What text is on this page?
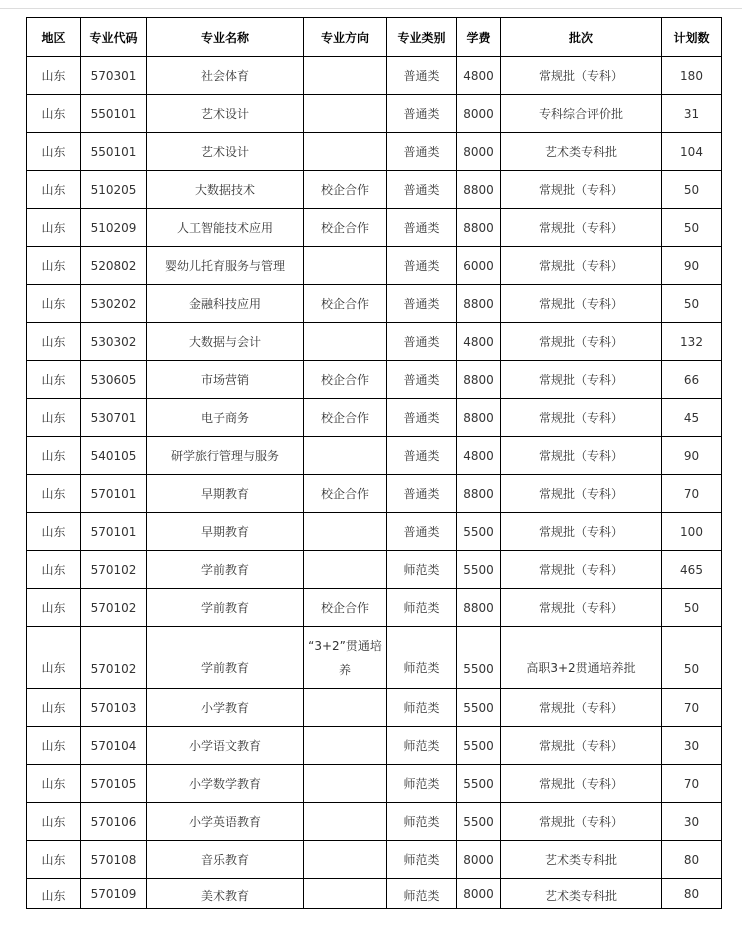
地区	专业代码	专业名称	专业方向	专业类别	学费	批次	计划数
山东	570301	社会体育		普通类	4800	常规批（专科）	180
山东	550101	艺术设计		普通类	8000	专科综合评价批	31
山东	550101	艺术设计		普通类	8000	艺术类专科批	104
山东	510205	大数据技术	校企合作	普通类	8800	常规批（专科）	50
山东	510209	人工智能技术应用	校企合作	普通类	8800	常规批（专科）	50
山东	520802	婴幼儿托育服务与管理		普通类	6000	常规批（专科）	90
山东	530202	金融科技应用	校企合作	普通类	8800	常规批（专科）	50
山东	530302	大数据与会计		普通类	4800	常规批（专科）	132
山东	530605	市场营销	校企合作	普通类	8800	常规批（专科）	66
山东	530701	电子商务	校企合作	普通类	8800	常规批（专科）	45
山东	540105	研学旅行管理与服务		普通类	4800	常规批（专科）	90
山东	570101	早期教育	校企合作	普通类	8800	常规批（专科）	70
山东	570101	早期教育		普通类	5500	常规批（专科）	100
山东	570102	学前教育		师范类	5500	常规批（专科）	465
山东	570102	学前教育	校企合作	师范类	8800	常规批（专科）	50
山东	570102	学前教育	“3+2”贯通培养	师范类	5500	高职3+2贯通培养批	50
山东	570103	小学教育		师范类	5500	常规批（专科）	70
山东	570104	小学语文教育		师范类	5500	常规批（专科）	30
山东	570105	小学数学教育		师范类	5500	常规批（专科）	70
山东	570106	小学英语教育		师范类	5500	常规批（专科）	30
山东	570108	音乐教育		师范类	8000	艺术类专科批	80
山东	570109	美术教育		师范类	8000	艺术类专科批	80
